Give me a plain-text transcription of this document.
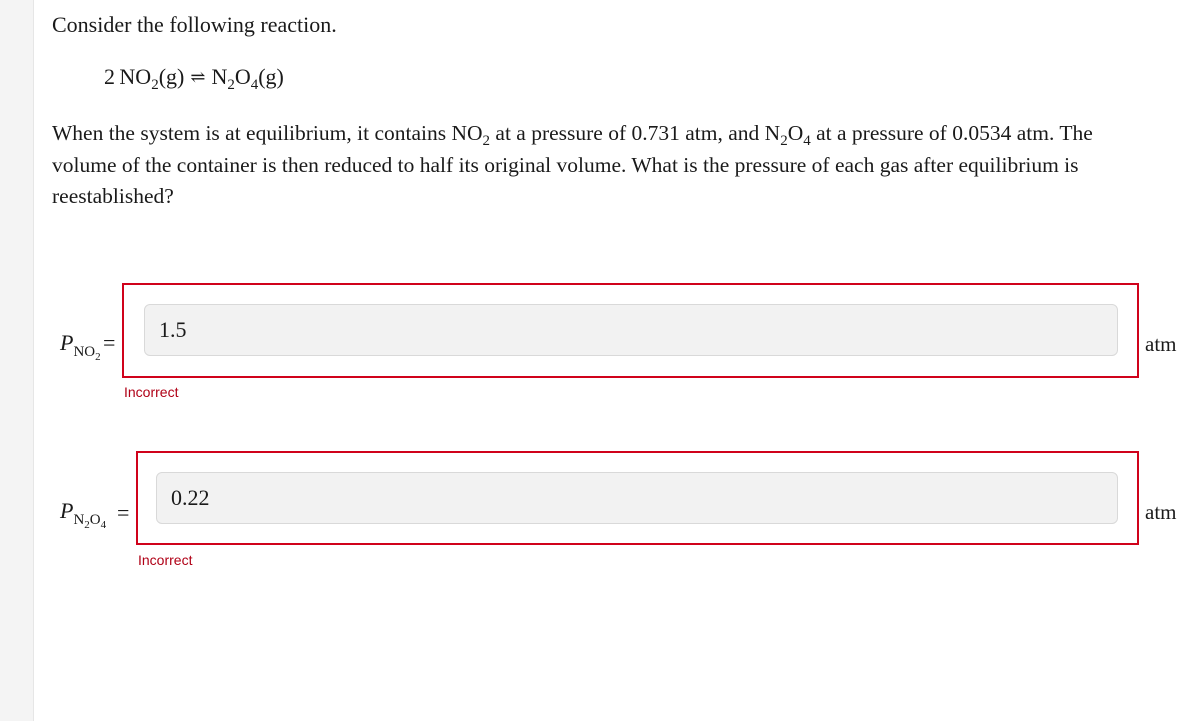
Consider the following reaction.
2  $NO_2(g)$ ⇌ $N_2O_4(g)$
When the system is at equilibrium, it contains $NO_2$ at a pressure of 0.731 atm, and $N_2O_4$ at a pressure of 0.0534 atm. The volume of the container is then reduced to half its original volume. What is the pressure of each gas after equilibrium is reestablished?
$P_{NO_2}$
=
1.5	atm
Incorrect
$P_{N_2O_4}$ =
0.22	atm
Incorrect
